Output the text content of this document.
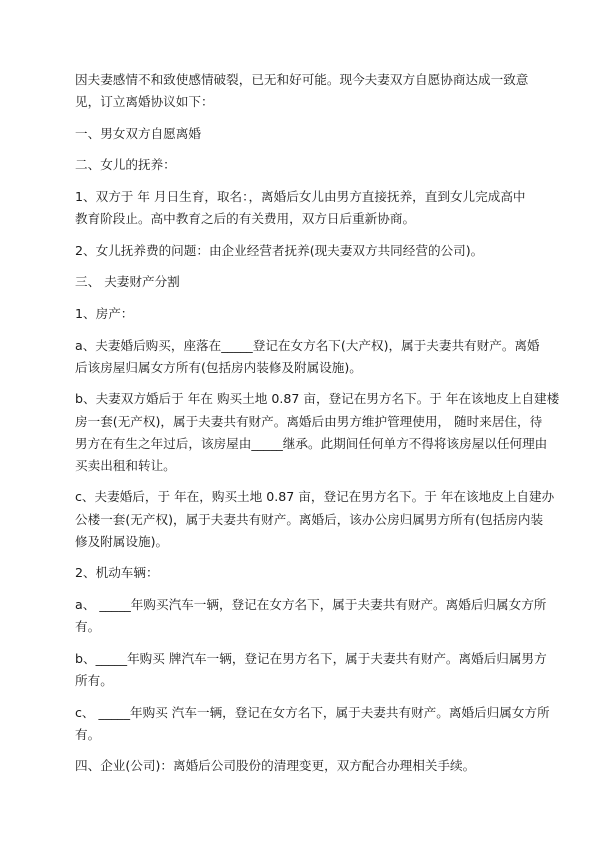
因夫妻感情不和致使感情破裂，已无和好可能。现今夫妻双方自愿协商达成一致意
见，订立离婚协议如下：
一、男女双方自愿离婚
二、女儿的抚养：
1、双方于 年 月日生育，取名：，离婚后女儿由男方直接抚养，直到女儿完成高中
教育阶段止。高中教育之后的有关费用，双方日后重新协商。
2、女儿抚养费的问题：由企业经营者抚养(现夫妻双方共同经营的公司)。
三、 夫妻财产分割
1、房产：
a、夫妻婚后购买，座落在_____登记在女方名下(大产权)，属于夫妻共有财产。离婚
后该房屋归属女方所有(包括房内装修及附属设施)。
b、夫妻双方婚后于 年在 购买土地 0.87 亩，登记在男方名下。于 年在该地皮上自建楼
房一套(无产权)，属于夫妻共有财产。离婚后由男方维护管理使用， 随时来居住，待
男方在有生之年过后，该房屋由_____继承。此期间任何单方不得将该房屋以任何理由
买卖出租和转让。
c、夫妻婚后，于 年在，购买土地 0.87 亩，登记在男方名下。于 年在该地皮上自建办
公楼一套(无产权)，属于夫妻共有财产。离婚后，该办公房归属男方所有(包括房内装
修及附属设施)。
2、机动车辆：
a、 _____年购买汽车一辆，登记在女方名下，属于夫妻共有财产。离婚后归属女方所
有。
b、_____年购买 牌汽车一辆，登记在男方名下，属于夫妻共有财产。离婚后归属男方
所有。
c、 _____年购买 汽车一辆，登记在女方名下，属于夫妻共有财产。离婚后归属女方所
有。
四、企业(公司)：离婚后公司股份的清理变更，双方配合办理相关手续。
